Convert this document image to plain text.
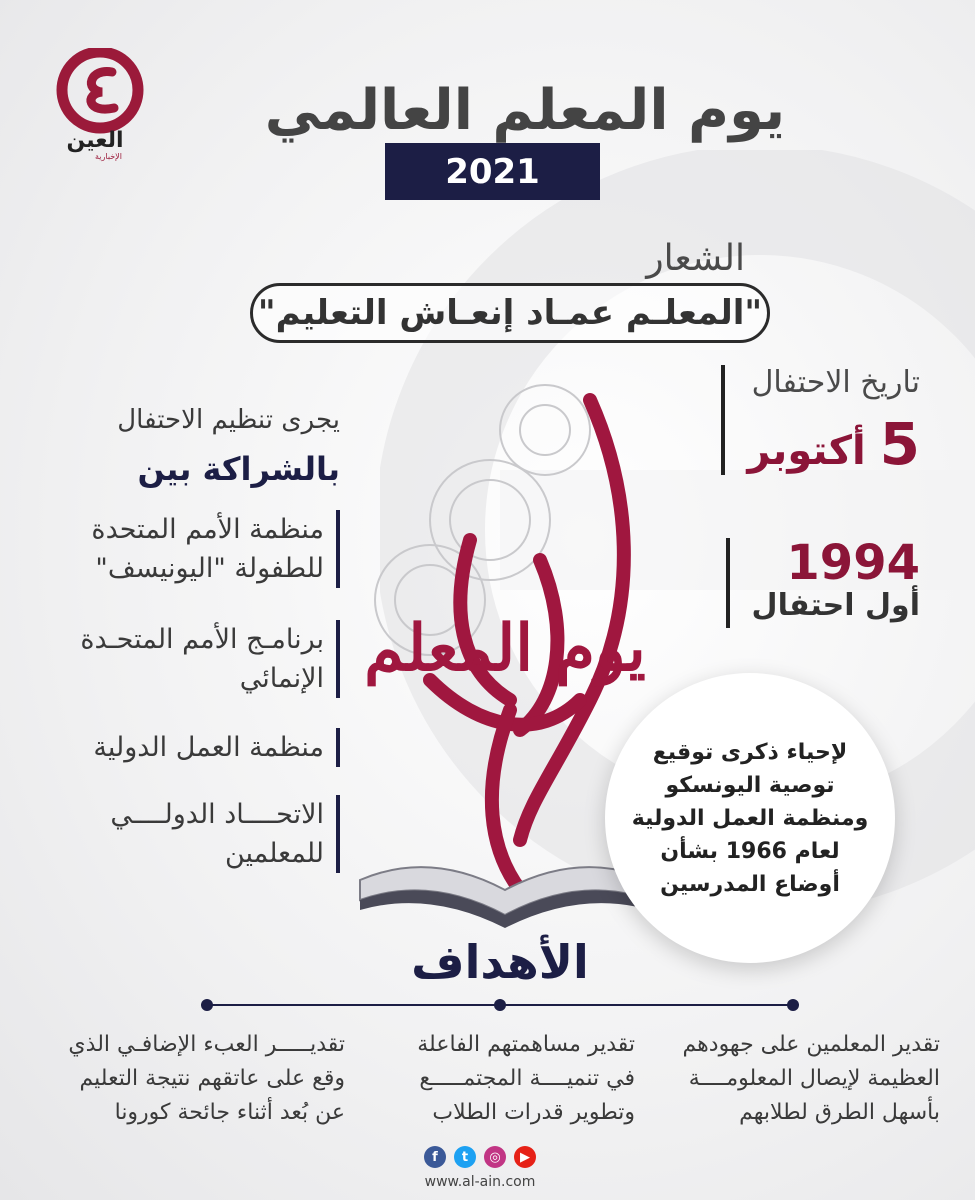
العين
الإخبارية
يوم المعلم العالمي
2021
الشعار
"المعلـم عمـاد إنعـاش التعليم"
تاريخ الاحتفال
5 أكتوبر
1994
أول احتفال
يجرى تنظيم الاحتفال
بالشراكة بين
منظمة الأمم المتحدة
للطفولة "اليونيسف"
برنامـج الأمم المتحـدة
الإنمائي
منظمة العمل الدولية
الاتحــــاد الدولــــي
للمعلمين
يوم المعلم
لإحياء ذكرى توقيع
توصية اليونسكو
ومنظمة العمل الدولية
لعام 1966 بشأن
أوضاع المدرسين
الأهداف
تقدير المعلمين على جهودهم
العظيمة لإيصال المعلومــــة
بأسهل الطرق لطلابهم
تقدير مساهمتهم الفاعلة
في تنميــــة المجتمـــــع
وتطوير قدرات الطلاب
تقديـــــر العبء الإضافـي الذي
وقع على عاتقهم نتيجة التعليم
عن بُعد أثناء جائحة كورونا
f	t	◎	▶
www.al-ain.com
